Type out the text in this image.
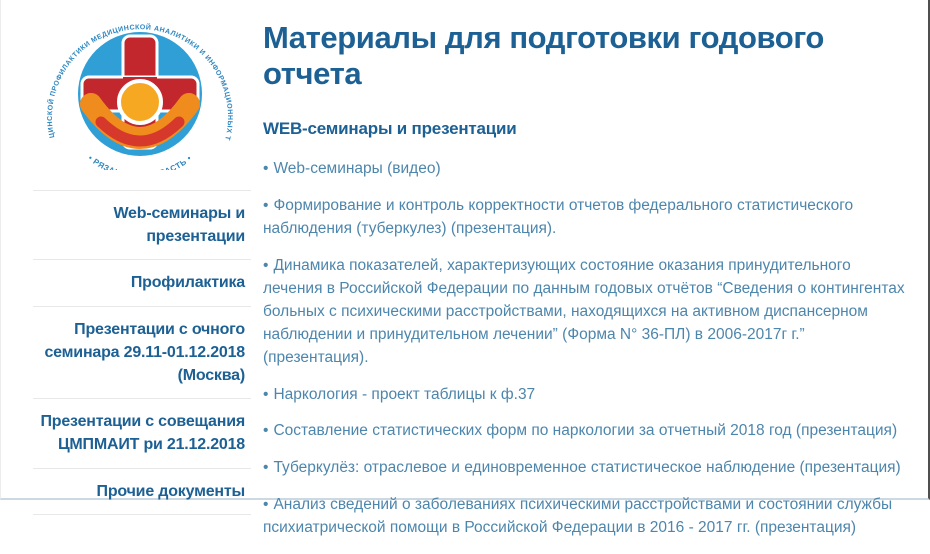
ЦИНСКОЙ ПРОФИЛАКТИКИ МЕДИЦИНСКОЙ АНАЛИТИКИ И ИНФОРМАЦИОННЫХ Т
• РЯЗ СТЬ •
Web-семинары и презентации
Профилактика
Презентации с очного семинара 29.11-01.12.2018 (Москва)
Презентации с совещания ЦМПМАИТ ри 21.12.2018
Прочие документы
Материалы для подготовки годового отчета
WEB-семинары и презентации

• Web-семинары (видео)

• Формирование и контроль корректности отчетов федерального статистического наблюдения (туберкулез) (презентация).

• Динамика показателей, характеризующих состояние оказания принудительного лечения в Российской Федерации по данным годовых отчётов “Сведения о контингентах больных с психическими расстройствами, находящихся на активном диспансерном наблюдении и принудительном лечении” (Форма N° 36-ПЛ) в 2006-2017г г.” (презентация).

• Наркология - проект таблицы к ф.37

• Составление статистических форм по наркологии за отчетный 2018 год (презентация)

• Туберкулёз: отраслевое и единовременное статистическое наблюдение (презентация)

• Анализ сведений о заболеваниях психическими расстройствами и состоянии службы психиатрической помощи в Российской Федерации в 2016 - 2017 гг. (презентация)
